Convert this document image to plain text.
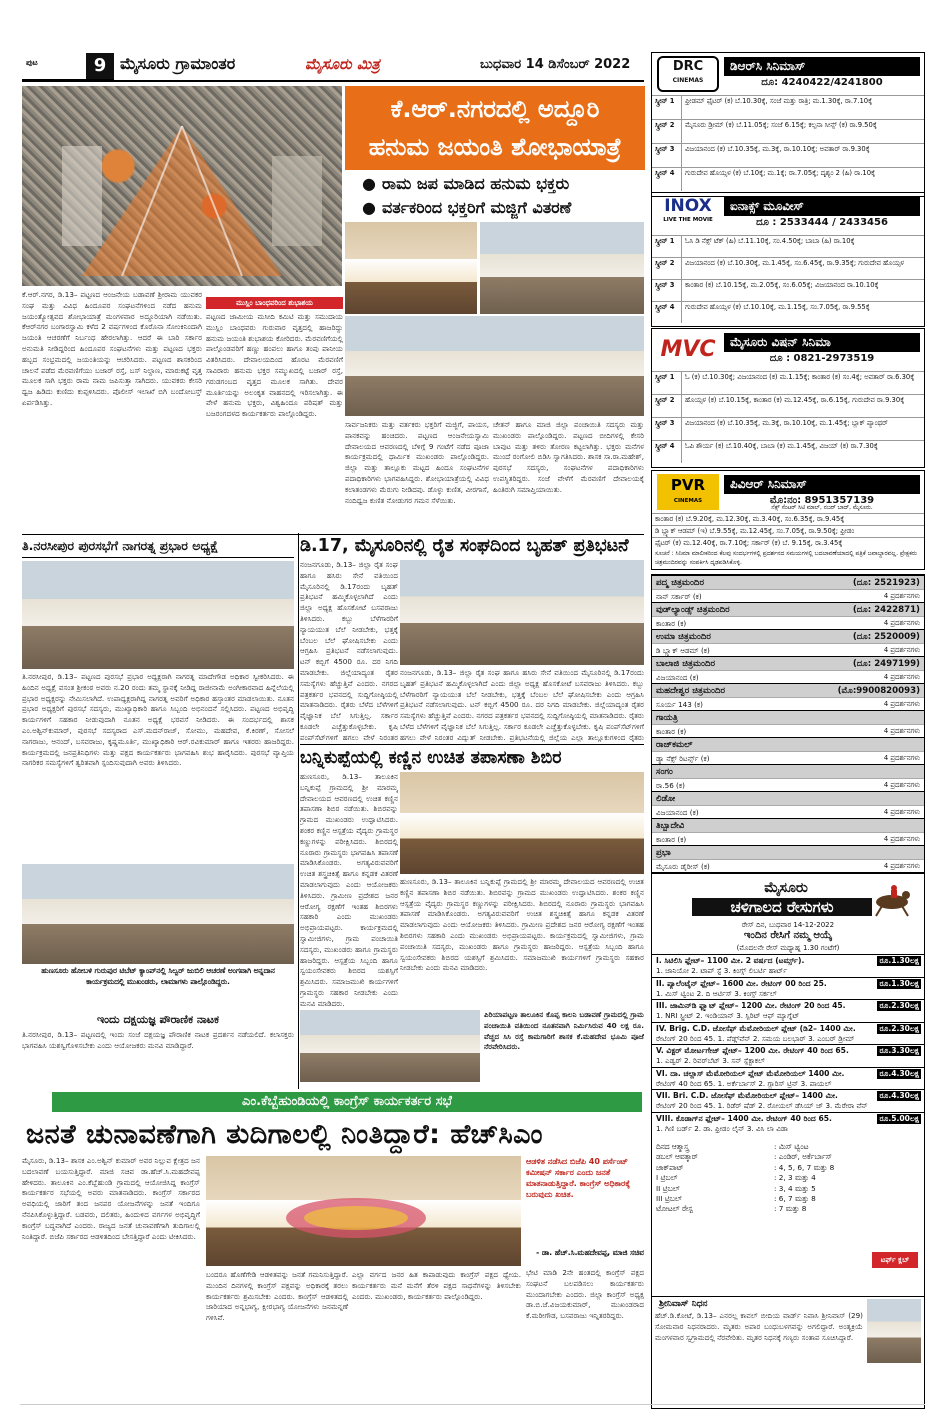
ಪುಟ	9 ಮೈಸೂರು ಗ್ರಾಮಾಂತರ	ಮೈಸೂರು ಮಿತ್ರ	ಬುಧವಾರ 14 ಡಿಸೆಂಬರ್ 2022
ಕೆ.ಆರ್.ನಗರದಲ್ಲಿ ಅದ್ದೂರಿ
ಹನುಮ ಜಯಂತಿ ಶೋಭಾಯಾತ್ರೆ
● ರಾಮ ಜಪ ಮಾಡಿದ ಹನುಮ ಭಕ್ತರು
● ವರ್ತಕರಿಂದ ಭಕ್ತರಿಗೆ ಮಜ್ಜಿಗೆ ವಿತರಣೆ
ಮುಸ್ಲಿಂ ಬಾಂಧವರಿಂದ ಶುಭಾಶಯ
ಕೆ.ಆರ್.ನಗರ, ಡಿ.13– ಪಟ್ಟಣದ ಆಂಜನೇಯ ಬಡಾವಣೆ ಶ್ರೀರಾಮ ಯುವಕರ ಸಂಘ ಮತ್ತು ವಿವಿಧ ಹಿಂದೂಪರ ಸಂಘಟನೆಗಳಿಂದ ನಡೆದ ಹನುಮ ಜಯಂತ್ಯೋತ್ಸವದ ಶೋಭಾಯಾತ್ರೆ ಮಂಗಳವಾರ ಅದ್ದೂರಿಯಾಗಿ ನಡೆಯಿತು. ಕೆಆರ್‌ನಗರ ಬಂಗಾರಸ್ವಾಮಿ ಕಳೆದ 2 ವರ್ಷಗಳಿಂದ ಕೊರೊನಾ ಸೋಂಕಿನಿಂದಾಗಿ ಜಯಂತಿ ಆಚರಣೆಗೆ ನಿರ್ಬಂಧ ಹೇರಲಾಗಿತ್ತು. ಆದರೆ ಈ ಬಾರಿ ಸರ್ಕಾರ ಅನುಮತಿ ನೀಡಿದ್ದರಿಂದ ಹಿಂದೂಪರ ಸಂಘಟನೆಗಳು ಮತ್ತು ಪಟ್ಟಣದ ಭಕ್ತರು ಹಬ್ಬದ ಸಂಭ್ರಮದಲ್ಲಿ ಜಯಂತಿಯನ್ನು ಆಚರಿಸಿದರು. ಪಟ್ಟಣದ ಶಾಸಕರಿಂದ ಚಾಲನೆ ಪಡೆದ ಮೆರವಣಿಗೆಯು ಬಜಾರ್ ರಸ್ತೆ, ಬಸ್ ನಿಲ್ದಾಣ, ಮಾರುಕಟ್ಟೆ ವೃತ್ತ ಮೂಲಕ ಸಾಗಿ ಭಕ್ತರು ರಾಮ ನಾಮ ಜಪಿಸುತ್ತಾ ಸಾಗಿದರು. ಯುವಕರು ಕೇಸರಿ ಧ್ವಜ ಹಿಡಿದು ಕುಣಿದು ಕುಪ್ಪಳಿಸಿದರು. ಪೊಲೀಸ್ ಇಲಾಖೆ ಬಿಗಿ ಬಂದೋಬಸ್ತ್ ಏರ್ಪಡಿಸಿತ್ತು.
ಪಟ್ಟಣದ ಜಾಮೀಯ ಮಸೀದಿ ಕಮಿಟಿ ಮತ್ತು ಸಮುದಾಯ ಮುಸ್ಲಿಂ ಬಾಂಧವರು ಗುರುವಾರ ವೃತ್ತದಲ್ಲಿ ಹಾಜರಿದ್ದು ಹನುಮ ಜಯಂತಿ ಶುಭಾಶಯ ಕೋರಿದರು. ಮೆರವಣಿಗೆಯಲ್ಲಿ ಪಾಲ್ಗೊಂಡವರಿಗೆ ಹಣ್ಣು ಹಂಪಲು ಹಾಗೂ ತಂಪು ಪಾನೀಯ ವಿತರಿಸಿದರು. ದೇವಾಲಯದಿಂದ ಹೊರಟ ಮೆರವಣಿಗೆ ಸಾವಿರಾರು ಹನುಮ ಭಕ್ತರ ಸಮ್ಮುಖದಲ್ಲಿ ಬಜಾರ್ ರಸ್ತೆ, ಗರುಡಗಂಬದ ವೃತ್ತದ ಮೂಲಕ ಸಾಗಿತು. ದೇವರ ಮೂರ್ತಿಯನ್ನು ಅಲಂಕೃತ ವಾಹನದಲ್ಲಿ ಇರಿಸಲಾಗಿತ್ತು. ಈ ವೇಳೆ ಹನುಮ ಭಕ್ತರು, ವಿಶ್ವಹಿಂದೂ ಪರಿಷತ್ ಮತ್ತು ಬಜರಂಗದಳದ ಕಾರ್ಯಕರ್ತರು ಪಾಲ್ಗೊಂಡಿದ್ದರು.
ಸಾರ್ವಜನಿಕರು ಮತ್ತು ವರ್ತಕರು ಭಕ್ತರಿಗೆ ಮಜ್ಜಿಗೆ, ಪಾಯಸ, ಪಾನಕವನ್ನು ಹಂಚಿದರು. ಪಟ್ಟಣದ ಆಂಜನೇಯಸ್ವಾಮಿ ದೇವಾಲಯದ ಆವರಣದಲ್ಲಿ ಬೆಳಿಗ್ಗೆ 9 ಗಂಟೆಗೆ ನಡೆದ ಪೂಜಾ ಕಾರ್ಯಕ್ರಮದಲ್ಲಿ ಧಾರ್ಮಿಕ ಮುಖಂಡರು ಪಾಲ್ಗೊಂಡಿದ್ದರು. ಜಿಲ್ಲಾ ಮತ್ತು ತಾಲ್ಲೂಕು ಮಟ್ಟದ ಹಿಂದೂ ಸಂಘಟನೆಗಳ ಪದಾಧಿಕಾರಿಗಳು ಭಾಗವಹಿಸಿದ್ದರು. ಶೋಭಾಯಾತ್ರೆಯಲ್ಲಿ ವಿವಿಧ ಕಲಾತಂಡಗಳು ಮೆರುಗು ನೀಡಿದವು. ಡೊಳ್ಳು ಕುಣಿತ, ವೀರಗಾಸೆ, ನಂದಿಧ್ವಜ ಕುಣಿತ ನೋಡುಗರ ಗಮನ ಸೆಳೆಯಿತು.
ಚೇತನ್ ಹಾಗೂ ಮಾಜಿ ಜಿಲ್ಲಾ ಪಂಚಾಯಿತಿ ಸದಸ್ಯರು ಮತ್ತು ಮುಖಂಡರು ಪಾಲ್ಗೊಂಡಿದ್ದರು. ಪಟ್ಟಣದ ಬೀದಿಗಳಲ್ಲಿ ಕೇಸರಿ ಬಾವುಟ ಮತ್ತು ತಳಿರು ತೋರಣ ಕಟ್ಟಲಾಗಿತ್ತು. ಭಕ್ತರು ಮನೆಗಳ ಮುಂದೆ ರಂಗೋಲಿ ಬಿಡಿಸಿ ಸ್ವಾಗತಿಸಿದರು. ಶಾಸಕ ಸಾ.ರಾ.ಮಹೇಶ್, ಪುರಸಭೆ ಸದಸ್ಯರು, ಸಂಘಟನೆಗಳ ಪದಾಧಿಕಾರಿಗಳು ಉಪಸ್ಥಿತರಿದ್ದರು. ಸಂಜೆ ವೇಳೆಗೆ ಮೆರವಣಿಗೆ ದೇವಾಲಯಕ್ಕೆ ಹಿಂತಿರುಗಿ ಸಮಾಪ್ತಿಯಾಯಿತು.
ತಿ.ನರಸೀಪುರ ಪುರಸಭೆಗೆ ನಾಗರತ್ನ ಪ್ರಭಾರ ಅಧ್ಯಕ್ಷೆ
ತಿ.ನರಸೀಪುರ, ಡಿ.13– ಪಟ್ಟಣದ ಪುರಸಭೆ ಪ್ರಭಾರ ಅಧ್ಯಕ್ಷರಾಗಿ ನಾಗರತ್ನ ಮಾದೇಗೌಡ ಅಧಿಕಾರ ಸ್ವೀಕರಿಸಿದರು. ಈ ಹಿಂದಿನ ಅಧ್ಯಕ್ಷೆ ವಸಂತ ಶ್ರೀಕಂಠ ಅವರು ನ.20 ರಂದು ತಮ್ಮ ಸ್ಥಾನಕ್ಕೆ ನೀಡಿದ್ದ ರಾಜೀನಾಮೆ ಅಂಗೀಕಾರವಾದ ಹಿನ್ನೆಲೆಯಲ್ಲಿ ಪ್ರಭಾರ ಅಧ್ಯಕ್ಷರನ್ನು ನೇಮಿಸಲಾಗಿದೆ. ಉಪಾಧ್ಯಕ್ಷರಾಗಿದ್ದ ನಾಗರತ್ನ ಅವರಿಗೆ ಅಧಿಕಾರ ಹಸ್ತಾಂತರ ಮಾಡಲಾಯಿತು. ನೂತನ ಪ್ರಭಾರ ಅಧ್ಯಕ್ಷರಿಗೆ ಪುರಸಭೆ ಸದಸ್ಯರು, ಮುಖ್ಯಾಧಿಕಾರಿ ಹಾಗೂ ಸಿಬ್ಬಂದಿ ಅಭಿನಂದನೆ ಸಲ್ಲಿಸಿದರು. ಪಟ್ಟಣದ ಅಭಿವೃದ್ಧಿ ಕಾರ್ಯಗಳಿಗೆ ಸಹಕಾರ ನೀಡುವುದಾಗಿ ನೂತನ ಅಧ್ಯಕ್ಷೆ ಭರವಸೆ ನೀಡಿದರು. ಈ ಸಂದರ್ಭದಲ್ಲಿ ಶಾಸಕ ಎಂ.ಅಶ್ವಿನ್‌ಕುಮಾರ್, ಪುರಸಭೆ ಸದಸ್ಯರಾದ ಎಸ್.ಮದನ್‌ರಾಜ್, ಸೋಮು, ಮಹದೇವ, ಕೆ.ಕಿರಣ್, ಸೋಸಲೆ ನಾಗರಾಜು, ಆನಂದ್, ಬಸವರಾಜು, ಕೃಷ್ಣಮೂರ್ತಿ, ಮುಖ್ಯಾಧಿಕಾರಿ ಆರ್.ರವಿಕುಮಾರ್ ಹಾಗೂ ಇತರರು ಹಾಜರಿದ್ದರು. ಕಾರ್ಯಕ್ರಮದಲ್ಲಿ ಜನಪ್ರತಿನಿಧಿಗಳು ಮತ್ತು ಪಕ್ಷದ ಕಾರ್ಯಕರ್ತರು ಭಾಗವಹಿಸಿ ಶುಭ ಹಾರೈಸಿದರು. ಪುರಸಭೆ ವ್ಯಾಪ್ತಿಯ ನಾಗರಿಕರ ಸಮಸ್ಯೆಗಳಿಗೆ ತ್ವರಿತವಾಗಿ ಸ್ಪಂದಿಸುವುದಾಗಿ ಅವರು ತಿಳಿಸಿದರು.
ಡಿ.17, ಮೈಸೂರಿನಲ್ಲಿ ರೈತ ಸಂಘದಿಂದ ಬೃಹತ್ ಪ್ರತಿಭಟನೆ
ನಂಜನಗೂಡು, ಡಿ.13– ಜಿಲ್ಲಾ ರೈತ ಸಂಘ ಹಾಗೂ ಹಸಿರು ಸೇನೆ ವತಿಯಿಂದ ಮೈಸೂರಿನಲ್ಲಿ ಡಿ.17ರಂದು ಬೃಹತ್ ಪ್ರತಿಭಟನೆ ಹಮ್ಮಿಕೊಳ್ಳಲಾಗಿದೆ ಎಂದು ಜಿಲ್ಲಾ ಅಧ್ಯಕ್ಷ ಹೊಸಕೋಟೆ ಬಸವರಾಜು ತಿಳಿಸಿದರು. ಕಬ್ಬು ಬೆಳೆಗಾರರಿಗೆ ನ್ಯಾಯಯುತ ಬೆಲೆ ನೀಡಬೇಕು, ಭತ್ತಕ್ಕೆ ಬೆಂಬಲ ಬೆಲೆ ಘೋಷಿಸಬೇಕು ಎಂದು ಆಗ್ರಹಿಸಿ ಪ್ರತಿಭಟನೆ ನಡೆಸಲಾಗುವುದು. ಟನ್ ಕಬ್ಬಿಗೆ 4500 ರೂ. ದರ ನಿಗದಿ ಮಾಡಬೇಕು. ಜಿಲ್ಲೆಯಾದ್ಯಂತ ರೈತರ ಸಮಸ್ಯೆಗಳು ಹೆಚ್ಚುತ್ತಿವೆ ಎಂದರು. ನಗರದ ಪತ್ರಕರ್ತರ ಭವನದಲ್ಲಿ ಸುದ್ದಿಗೋಷ್ಠಿಯಲ್ಲಿ ಮಾತನಾಡಿದರು. ರೈತರು ಬೆಳೆದ ಬೆಳೆಗಳಿಗೆ ವೈಜ್ಞಾನಿಕ ಬೆಲೆ ಸಿಗುತ್ತಿಲ್ಲ. ಸರ್ಕಾರ ಕೂಡಲೇ ಎಚ್ಚೆತ್ತುಕೊಳ್ಳಬೇಕು. ಕೃಷಿ ಪಂಪ್‌ಸೆಟ್‌ಗಳಿಗೆ ಹಗಲು ವೇಳೆ ನಿರಂತರ
ನಂಜನಗೂಡು, ಡಿ.13– ಜಿಲ್ಲಾ ರೈತ ಸಂಘ ಹಾಗೂ ಹಸಿರು ಸೇನೆ ವತಿಯಿಂದ ಮೈಸೂರಿನಲ್ಲಿ ಡಿ.17ರಂದು ಬೃಹತ್ ಪ್ರತಿಭಟನೆ ಹಮ್ಮಿಕೊಳ್ಳಲಾಗಿದೆ ಎಂದು ಜಿಲ್ಲಾ ಅಧ್ಯಕ್ಷ ಹೊಸಕೋಟೆ ಬಸವರಾಜು ತಿಳಿಸಿದರು. ಕಬ್ಬು ಬೆಳೆಗಾರರಿಗೆ ನ್ಯಾಯಯುತ ಬೆಲೆ ನೀಡಬೇಕು, ಭತ್ತಕ್ಕೆ ಬೆಂಬಲ ಬೆಲೆ ಘೋಷಿಸಬೇಕು ಎಂದು ಆಗ್ರಹಿಸಿ ಪ್ರತಿಭಟನೆ ನಡೆಸಲಾಗುವುದು. ಟನ್ ಕಬ್ಬಿಗೆ 4500 ರೂ. ದರ ನಿಗದಿ ಮಾಡಬೇಕು. ಜಿಲ್ಲೆಯಾದ್ಯಂತ ರೈತರ ಸಮಸ್ಯೆಗಳು ಹೆಚ್ಚುತ್ತಿವೆ ಎಂದರು. ನಗರದ ಪತ್ರಕರ್ತರ ಭವನದಲ್ಲಿ ಸುದ್ದಿಗೋಷ್ಠಿಯಲ್ಲಿ ಮಾತನಾಡಿದರು. ರೈತರು ಬೆಳೆದ ಬೆಳೆಗಳಿಗೆ ವೈಜ್ಞಾನಿಕ ಬೆಲೆ ಸಿಗುತ್ತಿಲ್ಲ. ಸರ್ಕಾರ ಕೂಡಲೇ ಎಚ್ಚೆತ್ತುಕೊಳ್ಳಬೇಕು. ಕೃಷಿ ಪಂಪ್‌ಸೆಟ್‌ಗಳಿಗೆ ಹಗಲು ವೇಳೆ ನಿರಂತರ ವಿದ್ಯುತ್ ನೀಡಬೇಕು. ಪ್ರತಿಭಟನೆಯಲ್ಲಿ ಜಿಲ್ಲೆಯ ಎಲ್ಲಾ ತಾಲ್ಲೂಕುಗಳಿಂದ ರೈತರು
ಬನ್ನಿಕುಪ್ಪೆಯಲ್ಲಿ ಕಣ್ಣಿನ ಉಚಿತ ತಪಾಸಣಾ ಶಿಬಿರ
ಹುಣಸೂರು, ಡಿ.13– ತಾಲೂಕಿನ ಬನ್ನಿಕುಪ್ಪೆ ಗ್ರಾಮದಲ್ಲಿ ಶ್ರೀ ಮಾರಮ್ಮ ದೇವಾಲಯದ ಆವರಣದಲ್ಲಿ ಉಚಿತ ಕಣ್ಣಿನ ತಪಾಸಣಾ ಶಿಬಿರ ನಡೆಯಿತು. ಶಿಬಿರವನ್ನು ಗ್ರಾಮದ ಮುಖಂಡರು ಉದ್ಘಾಟಿಸಿದರು. ಶಂಕರ ಕಣ್ಣಿನ ಆಸ್ಪತ್ರೆಯ ವೈದ್ಯರು ಗ್ರಾಮಸ್ಥರ ಕಣ್ಣುಗಳನ್ನು ಪರೀಕ್ಷಿಸಿದರು. ಶಿಬಿರದಲ್ಲಿ ನೂರಾರು ಗ್ರಾಮಸ್ಥರು ಭಾಗವಹಿಸಿ ತಪಾಸಣೆ ಮಾಡಿಸಿಕೊಂಡರು. ಅಗತ್ಯವಿರುವವರಿಗೆ ಉಚಿತ ಶಸ್ತ್ರಚಿಕಿತ್ಸೆ ಹಾಗೂ ಕನ್ನಡಕ ವಿತರಣೆ ಮಾಡಲಾಗುವುದು ಎಂದು ಆಯೋಜಕರು ತಿಳಿಸಿದರು. ಗ್ರಾಮೀಣ ಪ್ರದೇಶದ ಜನರ ಆರೋಗ್ಯ ರಕ್ಷಣೆಗೆ ಇಂತಹ ಶಿಬಿರಗಳು ಸಹಕಾರಿ ಎಂದು ಮುಖಂಡರು ಅಭಿಪ್ರಾಯಪಟ್ಟರು. ಕಾರ್ಯಕ್ರಮದಲ್ಲಿ ಸ್ವಾಮೀಜಿಗಳು, ಗ್ರಾಮ ಪಂಚಾಯಿತಿ ಸದಸ್ಯರು, ಮುಖಂಡರು ಹಾಗೂ ಗ್ರಾಮಸ್ಥರು ಹಾಜರಿದ್ದರು. ಆಸ್ಪತ್ರೆಯ ಸಿಬ್ಬಂದಿ ಹಾಗೂ ಸ್ವಯಂಸೇವಕರು ಶಿಬಿರದ ಯಶಸ್ಸಿಗೆ ಶ್ರಮಿಸಿದರು. ಸಮಾಜಮುಖಿ ಕಾರ್ಯಗಳಿಗೆ ಗ್ರಾಮಸ್ಥರು ಸಹಕಾರ ನೀಡಬೇಕು ಎಂದು ಮನವಿ ಮಾಡಿದರು.
ಹುಣಸೂರು, ಡಿ.13– ತಾಲೂಕಿನ ಬನ್ನಿಕುಪ್ಪೆ ಗ್ರಾಮದಲ್ಲಿ ಶ್ರೀ ಮಾರಮ್ಮ ದೇವಾಲಯದ ಆವರಣದಲ್ಲಿ ಉಚಿತ ಕಣ್ಣಿನ ತಪಾಸಣಾ ಶಿಬಿರ ನಡೆಯಿತು. ಶಿಬಿರವನ್ನು ಗ್ರಾಮದ ಮುಖಂಡರು ಉದ್ಘಾಟಿಸಿದರು. ಶಂಕರ ಕಣ್ಣಿನ ಆಸ್ಪತ್ರೆಯ ವೈದ್ಯರು ಗ್ರಾಮಸ್ಥರ ಕಣ್ಣುಗಳನ್ನು ಪರೀಕ್ಷಿಸಿದರು. ಶಿಬಿರದಲ್ಲಿ ನೂರಾರು ಗ್ರಾಮಸ್ಥರು ಭಾಗವಹಿಸಿ ತಪಾಸಣೆ ಮಾಡಿಸಿಕೊಂಡರು. ಅಗತ್ಯವಿರುವವರಿಗೆ ಉಚಿತ ಶಸ್ತ್ರಚಿಕಿತ್ಸೆ ಹಾಗೂ ಕನ್ನಡಕ ವಿತರಣೆ ಮಾಡಲಾಗುವುದು ಎಂದು ಆಯೋಜಕರು ತಿಳಿಸಿದರು. ಗ್ರಾಮೀಣ ಪ್ರದೇಶದ ಜನರ ಆರೋಗ್ಯ ರಕ್ಷಣೆಗೆ ಇಂತಹ ಶಿಬಿರಗಳು ಸಹಕಾರಿ ಎಂದು ಮುಖಂಡರು ಅಭಿಪ್ರಾಯಪಟ್ಟರು. ಕಾರ್ಯಕ್ರಮದಲ್ಲಿ ಸ್ವಾಮೀಜಿಗಳು, ಗ್ರಾಮ ಪಂಚಾಯಿತಿ ಸದಸ್ಯರು, ಮುಖಂಡರು ಹಾಗೂ ಗ್ರಾಮಸ್ಥರು ಹಾಜರಿದ್ದರು. ಆಸ್ಪತ್ರೆಯ ಸಿಬ್ಬಂದಿ ಹಾಗೂ ಸ್ವಯಂಸೇವಕರು ಶಿಬಿರದ ಯಶಸ್ಸಿಗೆ ಶ್ರಮಿಸಿದರು. ಸಮಾಜಮುಖಿ ಕಾರ್ಯಗಳಿಗೆ ಗ್ರಾಮಸ್ಥರು ಸಹಕಾರ ನೀಡಬೇಕು ಎಂದು ಮನವಿ ಮಾಡಿದರು.
ಪಿರಿಯಾಪಟ್ಟಣ ತಾಲೂಕಿನ ಕೊಪ್ಪ ಕಾಲನಿ ಬಡಾವಣೆ ಗ್ರಾಮದಲ್ಲಿ ಗ್ರಾಮ ಪಂಚಾಯಿತಿ ವತಿಯಿಂದ ನೂತನವಾಗಿ ನಿರ್ಮಿಸಿರುವ 40 ಲಕ್ಷ ರೂ. ವೆಚ್ಚದ ಸಿಸಿ ರಸ್ತೆ ಕಾಮಗಾರಿಗೆ ಶಾಸಕ ಕೆ.ಮಹದೇವ ಭೂಮಿ ಪೂಜೆ ನೆರವೇರಿಸಿದರು.
ಹುಣಸೂರು ಹೋಬಳಿ ಗುರುಪುರ ಟಿಬೆಟ್ ಕ್ಯಾಂಪ್‌ನಲ್ಲಿ ಸಿಲ್ವರ್ ಜುಬಿಲಿ ಆಚರಣೆ ಅಂಗವಾಗಿ ಅನ್ನದಾನ ಕಾರ್ಯಕ್ರಮದಲ್ಲಿ ಮುಖಂಡರು, ಲಾಮಾಗಳು ಪಾಲ್ಗೊಂಡಿದ್ದರು.
ಇಂದು ದಕ್ಷಯಜ್ಞ ಪೌರಾಣಿಕ ನಾಟಕ
ತಿ.ನರಸೀಪುರ, ಡಿ.13– ಪಟ್ಟಣದಲ್ಲಿ ಇಂದು ಸಂಜೆ ದಕ್ಷಯಜ್ಞ ಪೌರಾಣಿಕ ನಾಟಕ ಪ್ರದರ್ಶನ ನಡೆಯಲಿದೆ. ಕಲಾಸಕ್ತರು ಭಾಗವಹಿಸಿ ಯಶಸ್ವಿಗೊಳಿಸಬೇಕು ಎಂದು ಆಯೋಜಕರು ಮನವಿ ಮಾಡಿದ್ದಾರೆ.
ಎಂ.ಕೆಬ್ಬೆಹುಂಡಿಯಲ್ಲಿ ಕಾಂಗ್ರೆಸ್ ಕಾರ್ಯಕರ್ತರ ಸಭೆ
ಜನತೆ ಚುನಾವಣೆಗಾಗಿ ತುದಿಗಾಲಲ್ಲಿ ನಿಂತಿದ್ದಾರೆ: ಹೆಚ್‌ಸಿಎಂ
ಮೈಸೂರು, ಡಿ.13– ಶಾಸಕ ಎಂ.ಅಶ್ವಿನ್ ಕುಮಾರ್ ಅವರ ನಿಲ್ಲುವ ಕ್ಷೇತ್ರದ ಜನ ಬದಲಾವಣೆ ಬಯಸುತ್ತಿದ್ದಾರೆ. ಮಾಜಿ ಸಚಿವ ಡಾ.ಹೆಚ್.ಸಿ.ಮಹದೇವಪ್ಪ ಹೇಳಿದರು. ತಾಲೂಕಿನ ಎಂ.ಕೆಬ್ಬೆಹುಂಡಿ ಗ್ರಾಮದಲ್ಲಿ ಆಯೋಜಿಸಿದ್ದ ಕಾಂಗ್ರೆಸ್ ಕಾರ್ಯಕರ್ತರ ಸಭೆಯಲ್ಲಿ ಅವರು ಮಾತನಾಡಿದರು. ಕಾಂಗ್ರೆಸ್ ಸರ್ಕಾರದ ಅವಧಿಯಲ್ಲಿ ಜಾರಿಗೆ ತಂದ ಜನಪರ ಯೋಜನೆಗಳನ್ನು ಜನತೆ ಇಂದಿಗೂ ನೆನಪಿಸಿಕೊಳ್ಳುತ್ತಿದ್ದಾರೆ. ಬಡವರು, ದಲಿತರು, ಹಿಂದುಳಿದ ವರ್ಗಗಳ ಅಭಿವೃದ್ಧಿಗೆ ಕಾಂಗ್ರೆಸ್ ಬದ್ಧವಾಗಿದೆ ಎಂದರು. ರಾಜ್ಯದ ಜನತೆ ಚುನಾವಣೆಗಾಗಿ ತುದಿಗಾಲಲ್ಲಿ ನಿಂತಿದ್ದಾರೆ. ಬಿಜೆಪಿ ಸರ್ಕಾರದ ಆಡಳಿತದಿಂದ ಬೇಸತ್ತಿದ್ದಾರೆ ಎಂದು ಟೀಕಿಸಿದರು.
ಬಂದರೂ ಹೊಣೆಗೇಡಿ ಆಡಳಿತವನ್ನು ಜನತೆ ಗಮನಿಸುತ್ತಿದ್ದಾರೆ. ಮುಂದಿನ ದಿನಗಳಲ್ಲಿ ಕಾಂಗ್ರೆಸ್ ಪಕ್ಷವನ್ನು ಅಧಿಕಾರಕ್ಕೆ ತರಲು ಕಾರ್ಯಕರ್ತರು ಶ್ರಮಿಸಬೇಕು ಎಂದರು. ಕಾಂಗ್ರೆಸ್ ಆಡಳಿತದಲ್ಲಿ ಜಾರಿಯಾದ ಅನ್ನಭಾಗ್ಯ, ಕ್ಷೀರಭಾಗ್ಯ ಯೋಜನೆಗಳು ಜನಮನ್ನಣೆ ಗಳಿಸಿವೆ.
ಎಲ್ಲಾ ವರ್ಗದ ಜನರ ಹಿತ ಕಾಪಾಡುವುದು ಕಾಂಗ್ರೆಸ್ ಪಕ್ಷದ ಧ್ಯೇಯ. ಕಾರ್ಯಕರ್ತರು ಮನೆ ಮನೆಗೆ ತೆರಳಿ ಪಕ್ಷದ ಸಾಧನೆಗಳನ್ನು ತಿಳಿಸಬೇಕು ಎಂದರು. ಮುಖಂಡರು, ಕಾರ್ಯಕರ್ತರು ಪಾಲ್ಗೊಂಡಿದ್ದರು.
ಆಡಳಿತ ನಡೆಸಿದ ಬಿಜೆಪಿ 40 ಪರ್ಸೆಂಟ್ ಕಮೀಷನ್ ಸರ್ಕಾರ ಎಂದು ಜನತೆ ಮಾತನಾಡುತ್ತಿದ್ದಾರೆ. ಕಾಂಗ್ರೆಸ್ ಅಧಿಕಾರಕ್ಕೆ ಬರುವುದು ಖಚಿತ.
- ಡಾ. ಹೆಚ್.ಸಿ.ಮಹದೇವಪ್ಪ, ಮಾಜಿ ಸಚಿವ
ಭೇಟಿ ಮಾಡಿ 2ನೇ ಹಂತದಲ್ಲಿ ಕಾಂಗ್ರೆಸ್ ಪಕ್ಷದ ಸಂಘಟನೆ ಬಲಪಡಿಸಲು ಕಾರ್ಯಕರ್ತರು ಮುಂದಾಗಬೇಕು ಎಂದರು. ಜಿಲ್ಲಾ ಕಾಂಗ್ರೆಸ್ ಅಧ್ಯಕ್ಷ ಡಾ.ಬಿ.ಜೆ.ವಿಜಯಕುಮಾರ್, ಮುಖಂಡರಾದ ಕೆ.ಮರೀಗೌಡ, ಬಸವರಾಜು ಇನ್ನಿತರರಿದ್ದರು.
DRC
CINEMAS
ಡಿಆರ್‌ಸಿ ಸಿನಿಮಾಸ್
ದೂ: 4240422/4241800
ಸ್ಕ್ರೀನ್ 1	ಫ್ರೀಡಮ್ ಫೈಟರ್ (ಕ) ಬೆ.10.30ಕ್ಕೆ, ಸಂಜೆ ಮತ್ತು ರಾತ್ರಿ; ಮ.1.30ಕ್ಕೆ, ರಾ.7.10ಕ್ಕೆ
ಸ್ಕ್ರೀನ್ 2	ಮೈಸೂರು ಡ್ರೀಮ್ (ಕ) ಬೆ.11.05ಕ್ಕೆ; ಸಂಜೆ 6.15ಕ್ಕೆ; ಕಲ್ಪನಾ ಸೀನ್ಸ್ (ಕ) ರಾ.9.50ಕ್ಕೆ
ಸ್ಕ್ರೀನ್ 3	ವಿಜಯಾನಂದ (ಕ) ಬೆ.10.35ಕ್ಕೆ, ಮ.3ಕ್ಕೆ, ರಾ.10.10ಕ್ಕೆ; ಅವತಾರ್ ರಾ.9.30ಕ್ಕೆ
ಸ್ಕ್ರೀನ್ 4	ಗುರುದೇವ ಹೊಯ್ಸಳ (ಕ) ಬೆ.10ಕ್ಕೆ; ಮ.1ಕ್ಕೆ; ರಾ.7.05ಕ್ಕೆ; ದೃಶ್ಯಂ 2 (ಹಿ) ರಾ.10ಕ್ಕೆ
INOX
LIVE THE MOVIE
ಐನಾಕ್ಸ್ ಮೂವೀಸ್
ದೂ : 2533444 / 2433456
ಸ್ಕ್ರೀನ್ 1	ಓಸಿ ಡಿ ನೆಕ್ಸ್ ಟೆಕ್ (ಹಿ) ಬೆ.11.10ಕ್ಕೆ, ಸಂ.4.50ಕ್ಕೆ; ಬಾಬಾ (ಹಿ) ರಾ.10ಕ್ಕೆ
ಸ್ಕ್ರೀನ್ 2	ವಿಜಯಾನಂದ (ಕ) ಬೆ.10.30ಕ್ಕೆ, ಮ.1.45ಕ್ಕೆ, ಸಂ.6.45ಕ್ಕೆ, ರಾ.9.35ಕ್ಕೆ; ಗುರುದೇವ ಹೊಯ್ಸಳ
ಸ್ಕ್ರೀನ್ 3	ಕಾಂತಾರ (ಕ) ಬೆ.10.15ಕ್ಕೆ, ಮ.2.05ಕ್ಕೆ, ಸಂ.6.05ಕ್ಕೆ; ವಿಜಯಾನಂದ ರಾ.10.10ಕ್ಕೆ
ಸ್ಕ್ರೀನ್ 4	ಗುರುದೇವ ಹೊಯ್ಸಳ (ಕ) ಬೆ.10.10ಕ್ಕೆ, ಮ.1.15ಕ್ಕೆ, ಸಂ.7.05ಕ್ಕೆ, ರಾ.9.55ಕ್ಕೆ
MVC	ಮೈಸೂರು ವಿಷನ್ ಸಿನಿಮಾ
ದೂ : 0821-2973519
ಸ್ಕ್ರೀನ್ 1	ಓ (ಕ) ಬೆ.10.30ಕ್ಕೆ; ವಿಜಯಾನಂದ (ಕ) ಮ.1.15ಕ್ಕೆ; ಕಾಂತಾರ (ಕ) ಸಂ.4ಕ್ಕೆ; ಅವತಾರ್ ರಾ.6.30ಕ್ಕೆ
ಸ್ಕ್ರೀನ್ 2	ಹೊಯ್ಸಳ (ಕ) ಬೆ.10.15ಕ್ಕೆ, ಕಾಂತಾರ (ಕ) ಮ.12.45ಕ್ಕೆ, ರಾ.6.15ಕ್ಕೆ, ಗುರುದೇವ ರಾ.9.30ಕ್ಕೆ
ಸ್ಕ್ರೀನ್ 3	ವಿಜಯಾನಂದ (ಕ) ಬೆ.10.35ಕ್ಕೆ, ಮ.3ಕ್ಕೆ, ರಾ.10.10ಕ್ಕೆ, ಮ.1.45ಕ್ಕೆ; ಬ್ಲಾಕ್ ಪ್ಯಾಂಥರ್
ಸ್ಕ್ರೀನ್ 4	ಓಪಿ ಶೌರ್ಯ (ಕ) ಬೆ.10.40ಕ್ಕೆ, ಬಾಬಾ (ಕ) ಮ.1.45ಕ್ಕೆ, ವಿಜಯ್ (ಕ) ರಾ.7.30ಕ್ಕೆ
PVR
CINEMAS
ಪಿವಿಆರ್ ಸಿನಿಮಾಸ್
ಮೊ:ನಂ: 8951357139
ನೆಕ್ಸ್ ಸೆಂಟರ್ ಸಿಟಿ ಮಾಲ್, ನಜರ್ ಬಾದ್, ಮೈಸೂರು.
ಕಾಂತಾರ (ಕ) ಬೆ.9.20ಕ್ಕೆ, ಮ.12.30ಕ್ಕೆ, ಮ.3.40ಕ್ಕೆ, ಸಂ.6.35ಕ್ಕೆ, ರಾ.9.45ಕ್ಕೆ
ಡಿ ಬ್ಲ್ಯಾಕ್ ಆಡಮ್ (ಇ) ಬೆ.9.55ಕ್ಕೆ, ಮ.12.45ಕ್ಕೆ, ಸಂ.7.05ಕ್ಕೆ, ರಾ.9.50ಕ್ಕೆ; ಫ್ರೀಡಂ
ಫೈಟರ್ (ಕ) ಮ.12.40ಕ್ಕೆ, ರಾ.7.10ಕ್ಕೆ; ಸರ್ಕಾರ್ (ಕ) ಬೆ. 9.15ಕ್ಕೆ, ರಾ.3.45ಕ್ಕೆ
ಸೂಚನೆ : ಸಿನಿಮಾ ಮಾಲೀಕರಿಂದ ಕೆಲವು ಸಂದರ್ಭಗಳಲ್ಲಿ ಪ್ರದರ್ಶನದ ಸಮಯಗಳಲ್ಲಿ ಬದಲಾವಣೆಯಾದಲ್ಲಿ ಪತ್ರಿಕೆ ಜವಾಬ್ದಾರವಲ್ಲ. ಪ್ರೇಕ್ಷಕರು ಚಿತ್ರಮಂದಿರವನ್ನು ಸಂಪರ್ಕಿಸಿ ದೃಢಪಡಿಸಿಕೊಳ್ಳಿ.
ಪದ್ಮ ಚಿತ್ರಮಂದಿರ	(ದೂ: 2521923)
ನಾನ್ ಸರ್ಕಾರ್ (ಕ)	4 ಪ್ರದರ್ಶನಗಳು
ವುಡ್‌ಲ್ಯಾಂಡ್ಸ್ ಚಿತ್ರಮಂದಿರ	(ದೂ: 2422871)
ಕಾಂತಾರ (ಕ)	4 ಪ್ರದರ್ಶನಗಳು
ಉಮಾ ಚಿತ್ರಮಂದಿರ	(ದೂ: 2520009)
ಡಿ ಬ್ಲ್ಯಾಕ್ ಆಡಮ್ (ಕ)	4 ಪ್ರದರ್ಶನಗಳು
ಬಾಲಾಜಿ ಚಿತ್ರಮಂದಿರ	(ದೂ: 2497199)
ವಿಜಯಾನಂದ (ಕ)	4 ಪ್ರದರ್ಶನಗಳು
ಮಹದೇಶ್ವರ ಚಿತ್ರಮಂದಿರ	(ಮೊ:9900820093)
ಸೂರ್ಯ 143 (ಕ)	4 ಪ್ರದರ್ಶನಗಳು
ಗಾಯತ್ರಿ
ಕಾಂತಾರ (ಕ)	4 ಪ್ರದರ್ಶನಗಳು
ರಾಜ್‌ಕಮಲ್
ಡ್ಯಾ ನೆಕ್ಸ್‌ ರಿಟರ್ನ್ಸ್ (ಕ)	4 ಪ್ರದರ್ಶನಗಳು
ಸಂಗಂ
ರಾ.56 (ಕ)	4 ಪ್ರದರ್ಶನಗಳು
ಲಿಡೋ
ವಿಜಯಾನಂದ (ಕ)	4 ಪ್ರದರ್ಶನಗಳು
ತಿಬ್ಬಾದೇವಿ
ಕಾಂತಾರ (ಕ)	4 ಪ್ರದರ್ಶನಗಳು
ಪ್ರಭಾ
ಮೈಸೂರು ಡೈರೀಸ್ (ಕ)	4 ಪ್ರದರ್ಶನಗಳು
ಮೈಸೂರು
ಚಳಿಗಾಲದ ರೇಸುಗಳು
ರೇಸ್ ದಿನ, ಬುಧವಾರ 14-12-2022
ಇಂದಿನ ರೇಸಿಗೆ ನಮ್ಮ ಆಯ್ಕೆ
(ಮೊದಲನೇ ರೇಸ್ ಮಧ್ಯಾಹ್ನ 1.30 ಗಂಟೆಗೆ)
I. ಸಿಟಿಲಿಸಿ ಫ್ಲೇಟ್– 1100 ಮೀ. 2 ವರ್ಷದ (ಟರ್ಮ್ಸ್).
1. ಜಾನಿಯೋ 2. ಟಾಪ್ ಸ್ಟೆ 3. ಕಿಂಗ್ಸ್ ಲಿಬರ್ಟಿ ಹಾರ್ಟ್
ರೂ.1.30ಲಕ್ಷ
II. ಪ್ಯಾಲೆಂಟೈನ್ ಫ್ಲೇಟ್– 1600 ಮೀ. ರೇಟಿಂಗ್ 00 ರಿಂದ 25.
1. ಮಿಸ್ ಟ್ವಿಂಟ 2. ದಿ ಆರ್ಟಿಸ್ 3. ಕಿಂಗ್ಸ್ ಸರ್ಕಲ್
ರೂ.1.30ಲಕ್ಷ
III. ಜಾಮಿನ್‌ಡಿ ಫ್ಲ್ಯಾಟ್ ಪ್ಲೇಟ್– 1200 ಮೀ. ರೇಟಿಂಗ್ 20 ರಿಂದ 45.
1. NRI ಸ್ಟ್ರೀಟ್ 2. ಇಂಡಿಯಾನ್ 3. ಸ್ಪಿರಿಟ್ ಆಫ್ ಮ್ಯಾಗ್ನೆಟ್
ರೂ.2.30ಲಕ್ಷ
IV. Brig. C.D. ಜೋಸೆಫ್ ಮೆಮೋರಿಯಲ್ ಪ್ಲೇಟ್ (ಡಿ2– 1400 ಮೀ.
ರೇಟಿಂಗ್ 20 ರಿಂದ 45. 1. ಪೆಡ್ಲ್‌ವೆನ್ 2. ಸಮಯ ಬಲಭಾರ್ 3. ಎಂಬರ್ ಡ್ರೀಮ್
ರೂ.2.30ಲಕ್ಷ
V. ವಿಕ್ಟರ್ ಮೋರ್ಟಗೇಜ್ ಪ್ಲೇಟ್– 1200 ಮೀ. ರೇಟಿಂಗ್ 40 ರಿಂದ 65.
1. ಎಡ್ವರ್ 2. ರಿವರ್‌ಬೆಟ್ 3. ಸನ್ ಸ್ಪೆಕ್ಟಾಕಲ್
ರೂ.3.30ಲಕ್ಷ
VI. ದಾ. ಚಲ್ಲಾಸ್ ಮೆಮೋರಿಯಲ್ ಪ್ಲೇಟ್ ಮೆಮೋರಿಯಲ್ 1400 ಮೀ.
ರೇಟಿಂಗ್ 40 ರಿಂದ 65. 1. ಅರ್ಕೆರ್ಬಾಸ್ 2. ಗ್ಲಾರಿಸ್ ಟ್ರಿನ್ 3. ಪಾಯಲ್
ರೂ.4.30ಲಕ್ಷ
VII. Bri. C.D. ಜೋಸೆಫ್ ಮೆಮೋರಿಯಲ್ ಪ್ಲೇಟ್– 1400 ಮೀ.
ರೇಟಿಂಗ್ 20 ರಿಂದ 45. 1. ರಿಡೆರ್ ಷೆಡ್ 2. ರೋಯಲ್ ಡೆಸಿಯ್ ಜ್ 3. ಮೆರೇರಾ ವೆನ್
ರೂ.4.30ಲಕ್ಷ
VIII. ಕೊಡಾಗ್‌ನ ಫ್ಲೇಟ್– 1400 ಮೀ. ರೇಟಿಂಗ್ 40 ರಿಂದ 65.
1. ಗಿಣಿ ಬರ್ಡ್ 2. ಡಾ. ಫ್ರೀಡಂ ಲೈನ್ 3. ವಿಸಿ ಲಾ ವಿಡಾ
ರೂ.5.00ಲಕ್ಷ
ದಿನದ ಆತ್ಮಾಸ್ತ್ರ	: ಮಿಸ್ ಟ್ವಿಂಟ
ಡಬಲ್ ಆವತ್ಕಾರ್	: ಎಂಡಿರ್, ಅರ್ಕೆರ್ಬಾಸ್
ಜಾಕ್‌ಪಾಟ್	: 4, 5, 6, 7 ಮತ್ತು 8
I ಟ್ರಿಬಲ್	: 2, 3 ಮತ್ತು 4
II ಟ್ರಿಬಲ್	: 3, 4 ಮತ್ತು 5
III ಟ್ರಿಬಲ್	: 6, 7 ಮತ್ತು 8
ಟೋಟಲ್ ರೇಸ್ಟ	: 7 ಮತ್ತು 8
ಟರ್ಫ್ ಕ್ಲಬ್
ಶ್ರೀನಿವಾಸ್ ನಿಧನ
ಹೆಚ್.ಡಿ.ಕೋಟೆ, ಡಿ.13– ಎನರಲ್ಲ ಕಾವಲ್ ಬೀದಿಯ ವಾರ್ಡ್ ನಿವಾಸಿ ಶ್ರೀನಿವಾಸ್ (29) ಸೋಮವಾರ ನಿಧನರಾದರು. ಮೃತರು ಅಪಾರ ಬಂಧುಬಳಗವನ್ನು ಅಗಲಿದ್ದಾರೆ. ಅಂತ್ಯಕ್ರಿಯೆ ಮಂಗಳವಾರ ಸ್ವಗ್ರಾಮದಲ್ಲಿ ನೆರವೇರಿತು. ಮೃತರ ನಿಧನಕ್ಕೆ ಗಣ್ಯರು ಸಂತಾಪ ಸೂಚಿಸಿದ್ದಾರೆ.
